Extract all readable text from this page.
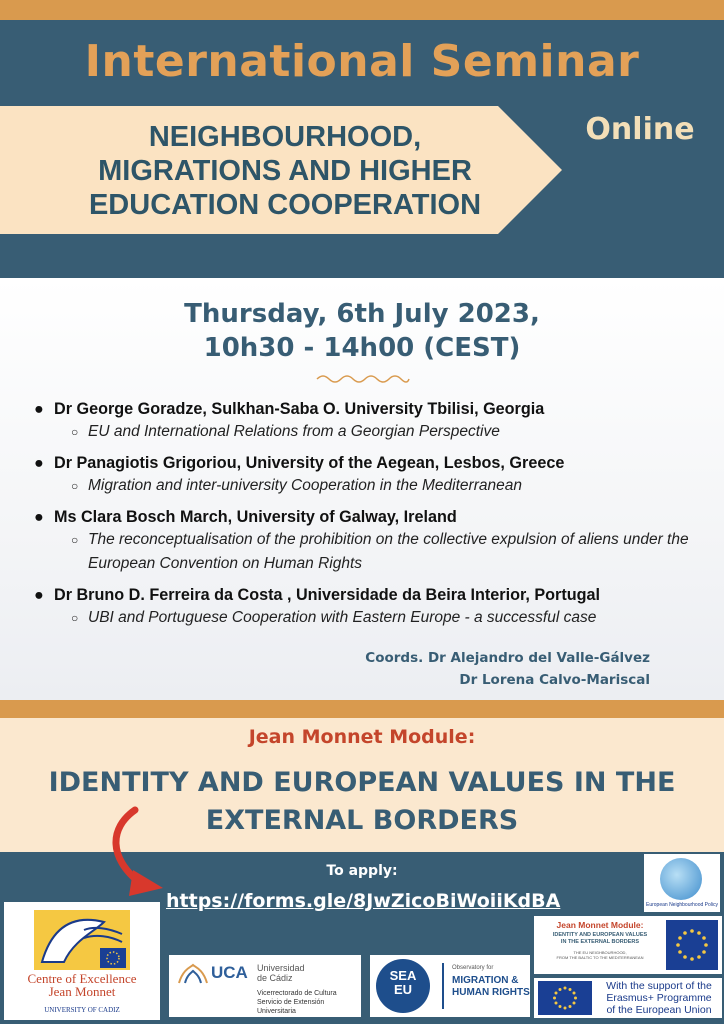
International Seminar
NEIGHBOURHOOD,
MIGRATIONS AND HIGHER
EDUCATION COOPERATION
Online
Thursday, 6th July 2023,
10h30 - 14h00 (CEST)
● Dr George Goradze, Sulkhan-Saba O. University Tbilisi, Georgia
○ EU and International Relations from a Georgian Perspective
● Dr Panagiotis Grigoriou, University of the Aegean, Lesbos, Greece
○ Migration and inter-university Cooperation in the Mediterranean
● Ms Clara Bosch March, University of Galway, Ireland
○ The reconceptualisation of the prohibition on the collective expulsion of aliens under the European Convention on Human Rights
● Dr Bruno D. Ferreira da Costa , Universidade da Beira Interior, Portugal
○ UBI and Portuguese Cooperation with Eastern Europe - a successful case
Coords. Dr Alejandro del Valle-Gálvez
Dr Lorena Calvo-Mariscal
Jean Monnet Module:
IDENTITY AND EUROPEAN VALUES IN THE EXTERNAL BORDERS
To apply:
https://forms.gle/8JwZicoBiWoiiKdBA
Centre of Excellence
Jean Monnet
UNIVERSITY OF CADIZ
UCA Universidad
de Cádiz
Vicerrectorado de Cultura
Servicio de Extensión Universitaria
SEA
EU
Observatory for
MIGRATION &
HUMAN RIGHTS
European Neighbourhood Policy
Jean Monnet Module:
IDENTITY AND EUROPEAN VALUES
IN THE EXTERNAL BORDERS
THE EU NEIGHBOURHOOD,
FROM THE BALTIC TO THE MEDITERRANEAN
With the support of the
Erasmus+ Programme
of the European Union
